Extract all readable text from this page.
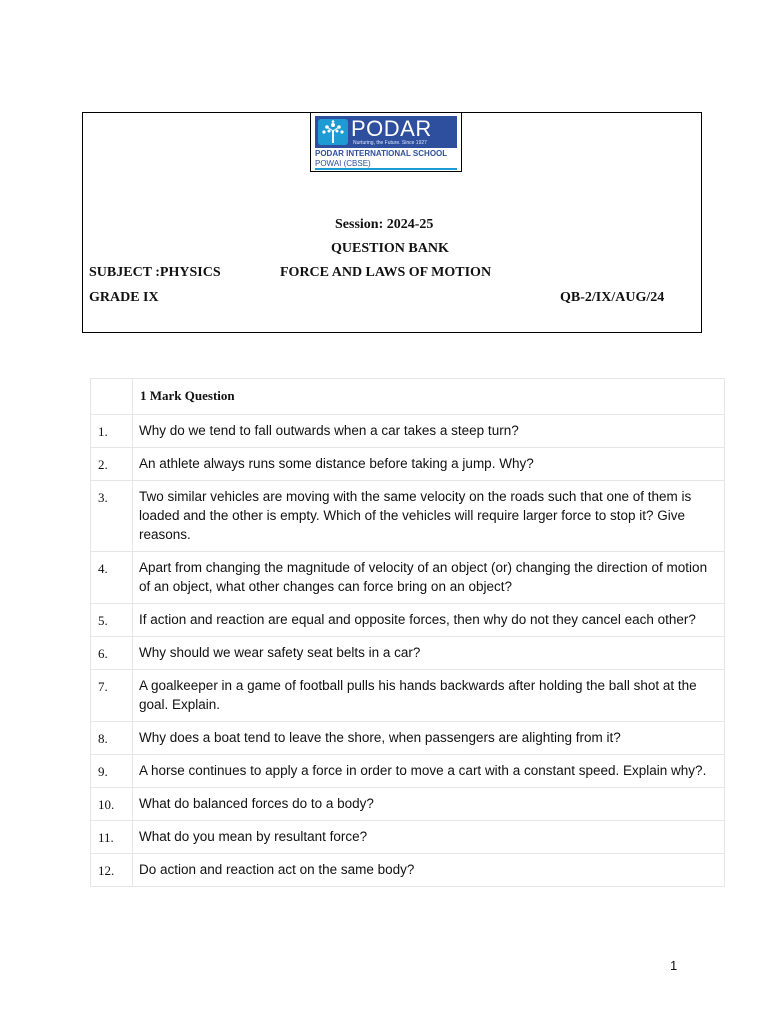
PODAR
Nurturing, the Future. Since 1927
PODAR INTERNATIONAL SCHOOL
POWAI (CBSE)
Session: 2024-25
QUESTION BANK
SUBJECT :PHYSICS	FORCE AND LAWS OF MOTION
GRADE IX	QB-2/IX/AUG/24
	1 Mark Question
1.	Why do we tend to fall outwards when a car takes a steep turn?
2.	An athlete always runs some distance before taking a jump. Why?
3.	Two similar vehicles are moving with the same velocity on the roads such that one of them is loaded and the other is empty. Which of the vehicles will require larger force to stop it? Give reasons.
4.	Apart from changing the magnitude of velocity of an object (or) changing the direction of motion of an object, what other changes can force bring on an object?
5.	If action and reaction are equal and opposite forces, then why do not they cancel each other?
6.	Why should we wear safety seat belts in a car?
7.	A goalkeeper in a game of football pulls his hands backwards after holding the ball shot at the goal. Explain.
8.	Why does a boat tend to leave the shore, when passengers are alighting from it?
9.	A horse continues to apply a force in order to move a cart with a constant speed. Explain why?.
10.	What do balanced forces do to a body?
11.	What do you mean by resultant force?
12.	Do action and reaction act on the same body?
1
